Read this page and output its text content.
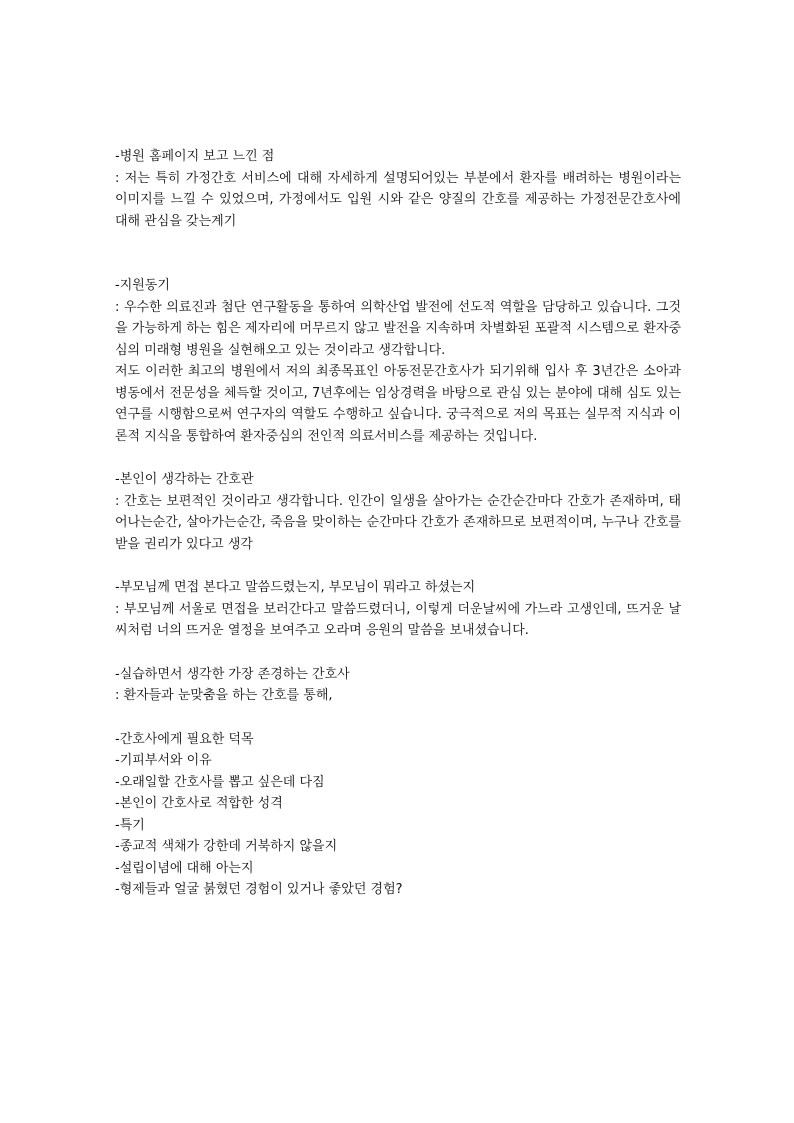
-병원 홈페이지 보고 느낀 점

: 저는 특히 가정간호 서비스에 대해 자세하게 설명되어있는 부분에서 환자를 배려하는 병원이라는 이미지를 느낄 수 있었으며, 가정에서도 입원 시와 같은 양질의 간호를 제공하는 가정전문간호사에 대해 관심을 갖는계기

-지원동기

: 우수한 의료진과 첨단 연구활동을 통하여 의학산업 발전에 선도적 역할을 담당하고 있습니다. 그것을 가능하게 하는 힘은 제자리에 머무르지 않고 발전을 지속하며 차별화된 포괄적 시스템으로 환자중심의 미래형 병원을 실현해오고 있는 것이라고 생각합니다.

저도 이러한 최고의 병원에서 저의 최종목표인 아동전문간호사가 되기위해 입사 후 3년간은 소아과병동에서 전문성을 체득할 것이고, 7년후에는 임상경력을 바탕으로 관심 있는 분야에 대해 심도 있는 연구를 시행함으로써 연구자의 역할도 수행하고 싶습니다. 궁극적으로 저의 목표는 실무적 지식과 이론적 지식을 통합하여 환자중심의 전인적 의료서비스를 제공하는 것입니다.

-본인이 생각하는 간호관

: 간호는 보편적인 것이라고 생각합니다. 인간이 일생을 살아가는 순간순간마다 간호가 존재하며, 태어나는순간, 살아가는순간, 죽음을 맞이하는 순간마다 간호가 존재하므로 보편적이며, 누구나 간호를 받을 권리가 있다고 생각

-부모님께 면접 본다고 말씀드렸는지, 부모님이 뭐라고 하셨는지

: 부모님께 서울로 면접을 보러간다고 말씀드렸더니, 이렇게 더운날씨에 가느라 고생인데, 뜨거운 날씨처럼 너의 뜨거운 열정을 보여주고 오라며 응원의 말씀을 보내셨습니다.

-실습하면서 생각한 가장 존경하는 간호사

: 환자들과 눈맞춤을 하는 간호를 통해,

-간호사에게 필요한 덕목

-기피부서와 이유

-오래일할 간호사를 뽑고 싶은데 다짐

-본인이 간호사로 적합한 성격

-특기

-종교적 색채가 강한데 거북하지 않을지

-설립이념에 대해 아는지

-형제들과 얼굴 붉혔던 경험이 있거나 좋았던 경험?
